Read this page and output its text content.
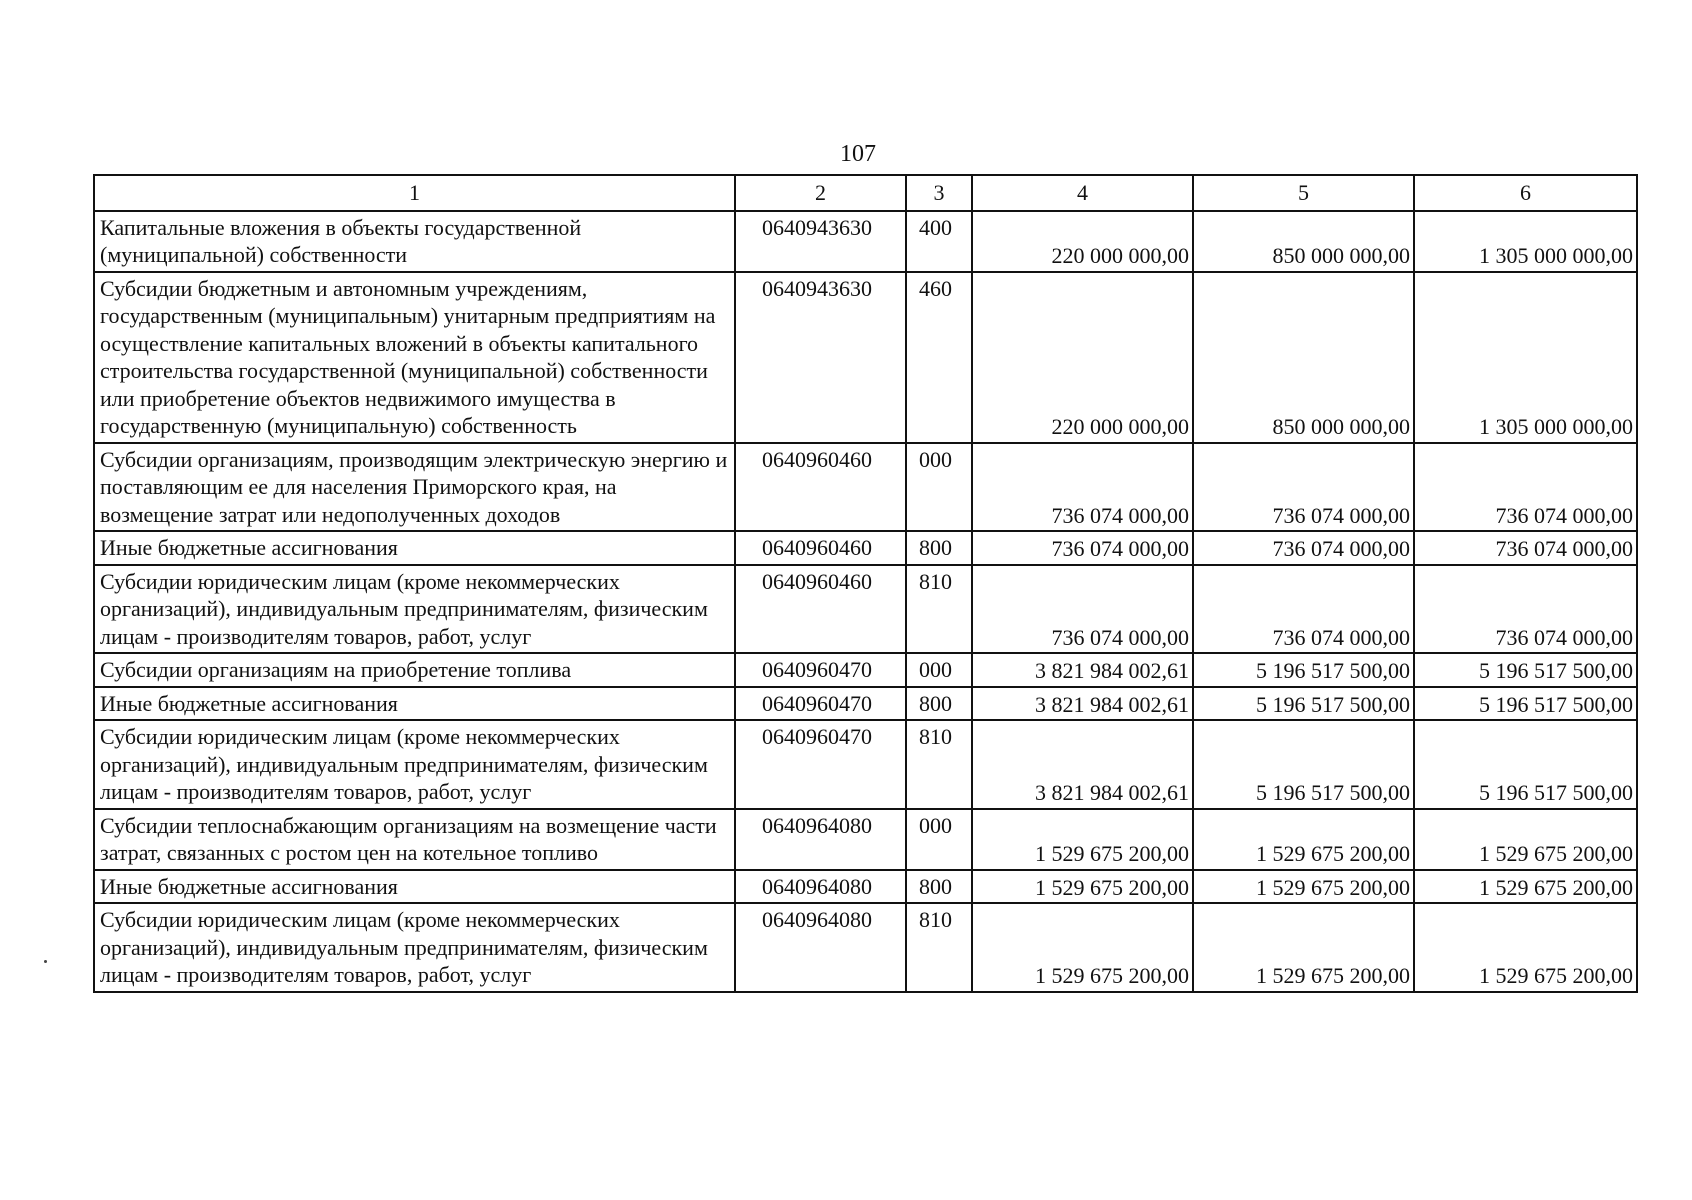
107
1	2	3	4	5	6
Капитальные вложения в объекты государственной (муниципальной) собственности	0640943630	400	220 000 000,00	850 000 000,00	1 305 000 000,00
Субсидии бюджетным и автономным учреждениям, государственным (муниципальным) унитарным предприятиям на осуществление капитальных вложений в объекты капитального строительства государственной (муниципальной) собственности или приобретение объектов недвижимого имущества в государственную (муниципальную) собственность	0640943630	460	220 000 000,00	850 000 000,00	1 305 000 000,00
Субсидии организациям, производящим электрическую энергию и поставляющим ее для населения Приморского края, на возмещение затрат или недополученных доходов	0640960460	000	736 074 000,00	736 074 000,00	736 074 000,00
Иные бюджетные ассигнования	0640960460	800	736 074 000,00	736 074 000,00	736 074 000,00
Субсидии юридическим лицам (кроме некоммерческих организаций), индивидуальным предпринимателям, физическим лицам - производителям товаров, работ, услуг	0640960460	810	736 074 000,00	736 074 000,00	736 074 000,00
Субсидии организациям на приобретение топлива	0640960470	000	3 821 984 002,61	5 196 517 500,00	5 196 517 500,00
Иные бюджетные ассигнования	0640960470	800	3 821 984 002,61	5 196 517 500,00	5 196 517 500,00
Субсидии юридическим лицам (кроме некоммерческих организаций), индивидуальным предпринимателям, физическим лицам - производителям товаров, работ, услуг	0640960470	810	3 821 984 002,61	5 196 517 500,00	5 196 517 500,00
Субсидии теплоснабжающим организациям на возмещение части затрат, связанных с ростом цен на котельное топливо	0640964080	000	1 529 675 200,00	1 529 675 200,00	1 529 675 200,00
Иные бюджетные ассигнования	0640964080	800	1 529 675 200,00	1 529 675 200,00	1 529 675 200,00
Субсидии юридическим лицам (кроме некоммерческих организаций), индивидуальным предпринимателям, физическим лицам - производителям товаров, работ, услуг	0640964080	810	1 529 675 200,00	1 529 675 200,00	1 529 675 200,00
